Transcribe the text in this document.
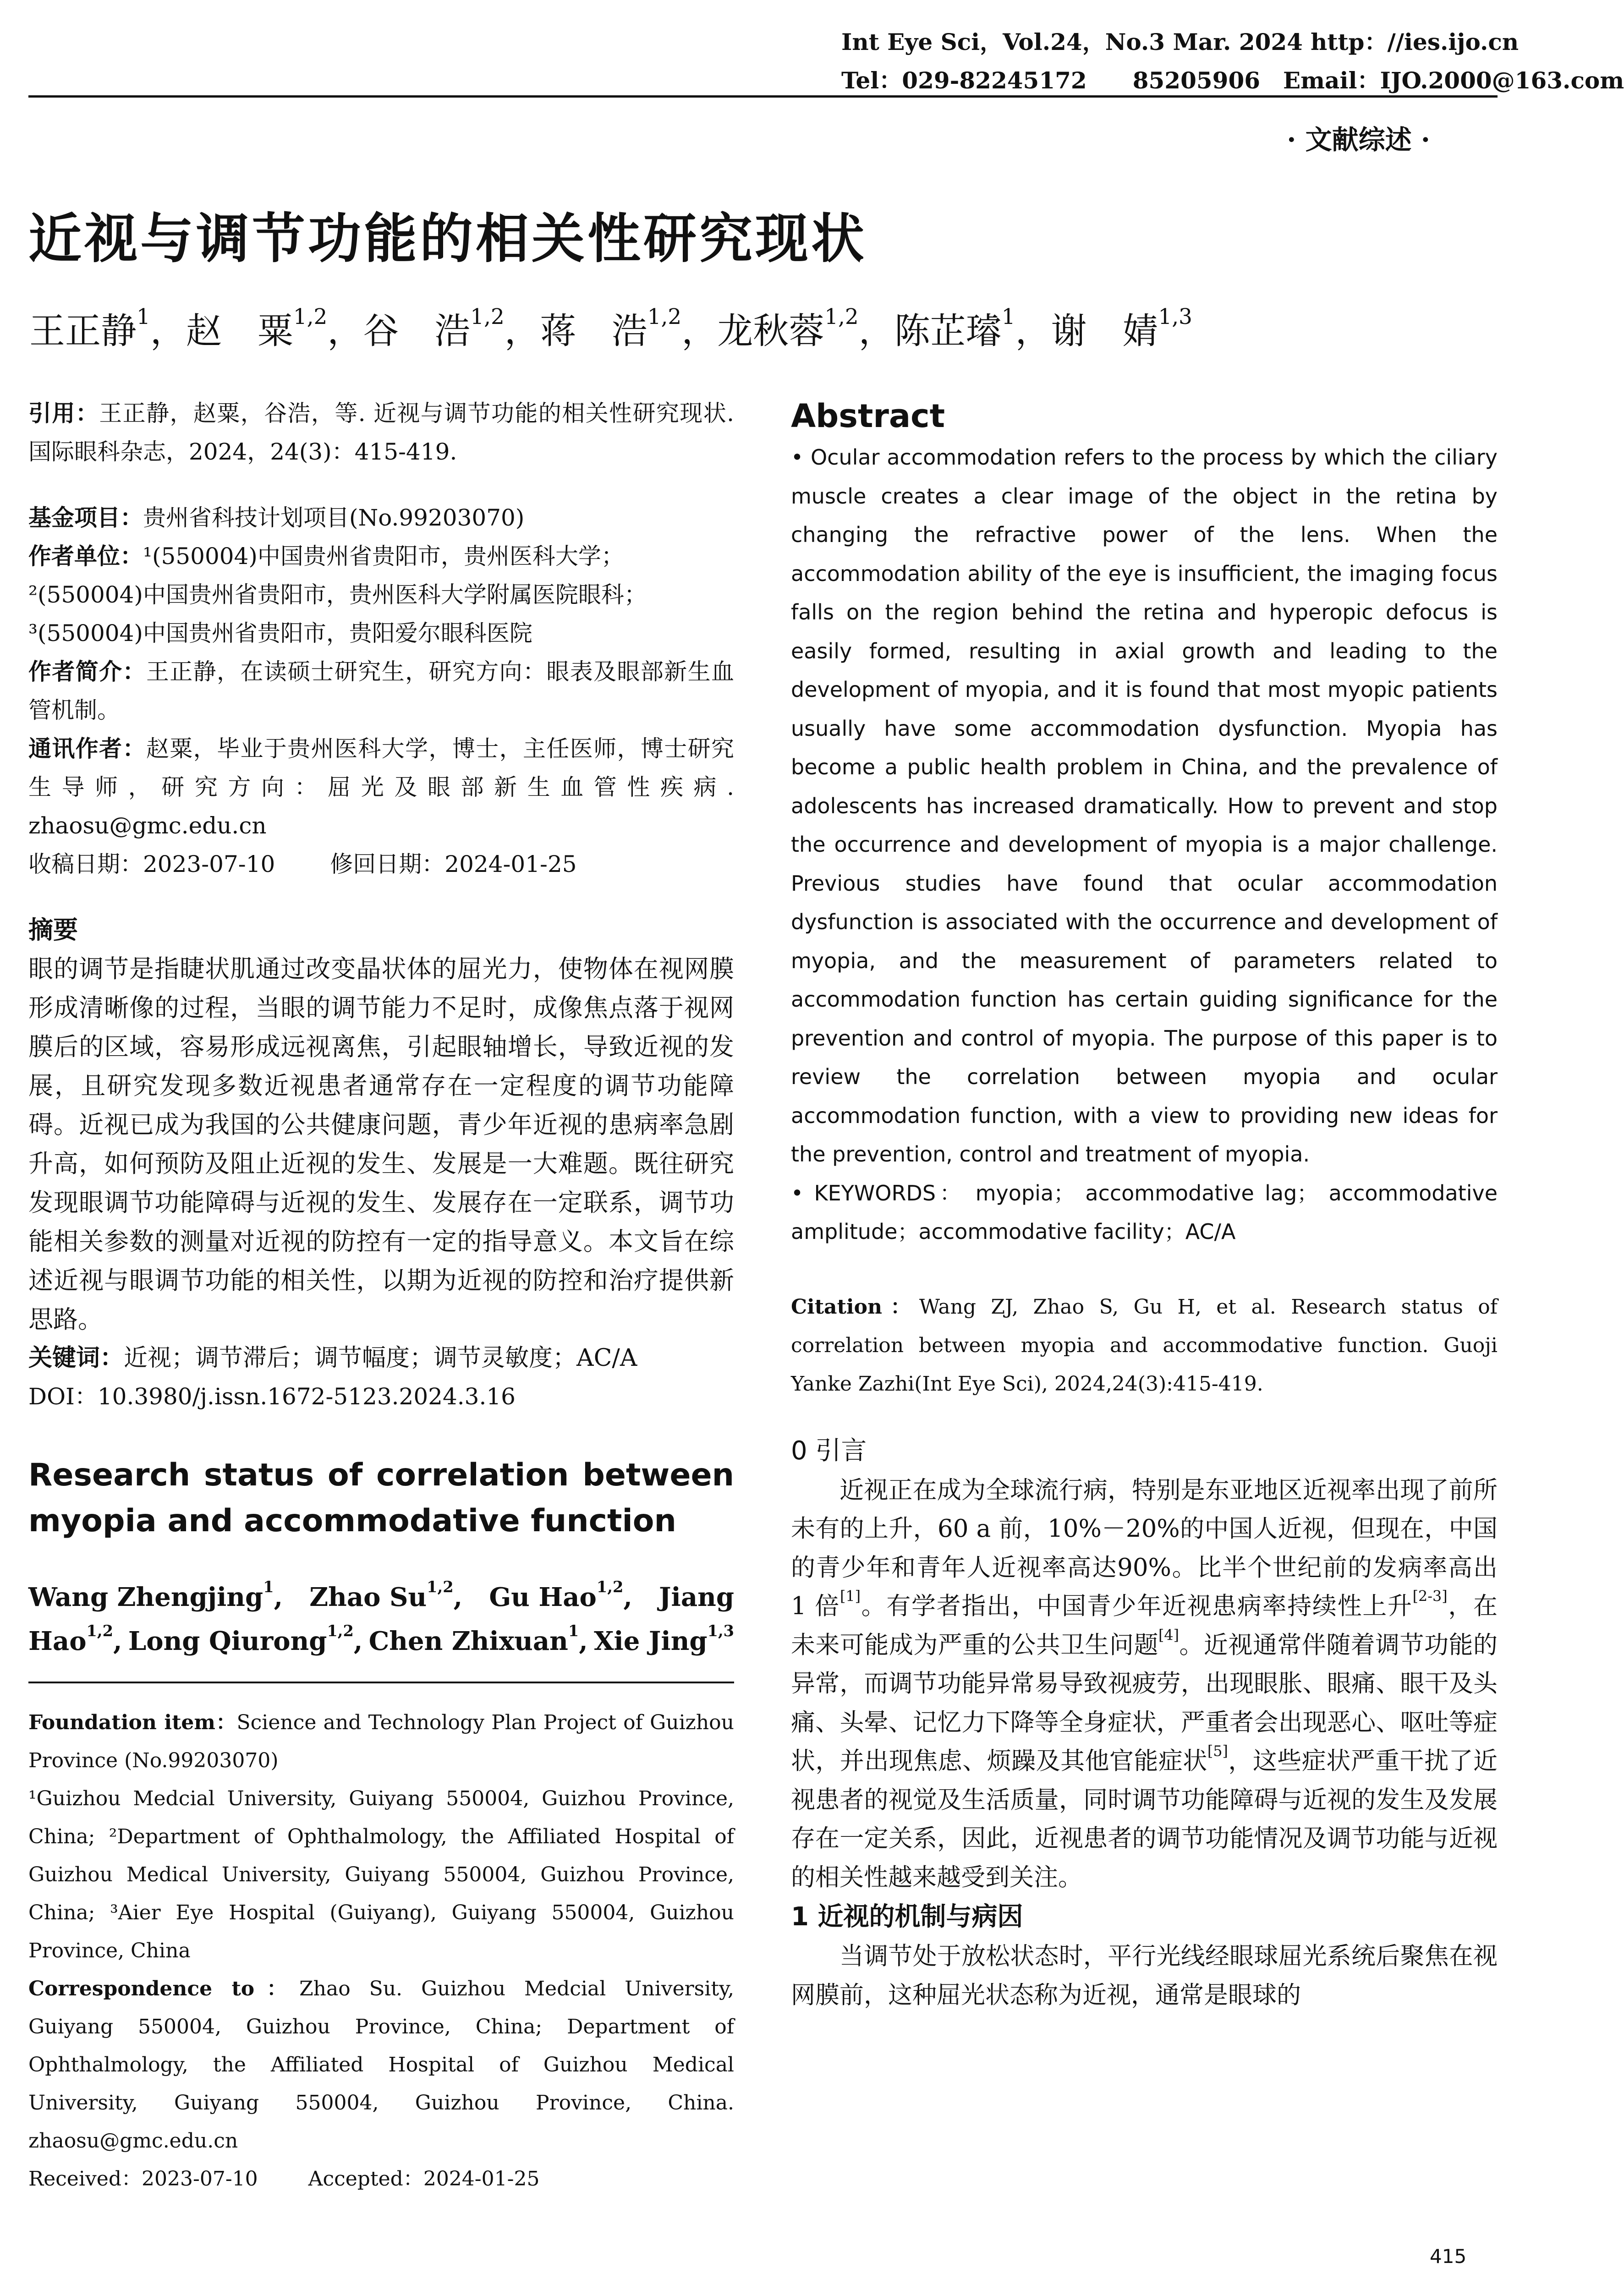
Int Eye Sci，Vol.24，No.3 Mar. 2024 http：//ies.ijo.cn
Tel：029-82245172　　85205906　Email：IJO.2000@163.com
· 文献综述 ·
近视与调节功能的相关性研究现状
王正静$^1$，赵　粟$^{1,2}$，谷　浩$^{1,2}$，蒋　浩$^{1,2}$，龙秋蓉$^{1,2}$，陈芷璿$^1$，谢　婧$^{1,3}$

引用：王正静，赵粟，谷浩，等. 近视与调节功能的相关性研究现状. 国际眼科杂志，2024，24(3)：415-419.

基金项目：贵州省科技计划项目(No.99203070)

作者单位：¹(550004)中国贵州省贵阳市，贵州医科大学；
²(550004)中国贵州省贵阳市，贵州医科大学附属医院眼科；
³(550004)中国贵州省贵阳市，贵阳爱尔眼科医院

作者简介：王正静，在读硕士研究生，研究方向：眼表及眼部新生血管机制。

通讯作者：赵粟，毕业于贵州医科大学，博士，主任医师，博士研究生导师，研究方向：屈光及眼部新生血管性疾病. zhaosu@gmc.edu.cn

收稿日期：2023-07-10 修回日期：2024-01-25

摘要

眼的调节是指睫状肌通过改变晶状体的屈光力，使物体在视网膜形成清晰像的过程，当眼的调节能力不足时，成像焦点落于视网膜后的区域，容易形成远视离焦，引起眼轴增长，导致近视的发展，且研究发现多数近视患者通常存在一定程度的调节功能障碍。近视已成为我国的公共健康问题，青少年近视的患病率急剧升高，如何预防及阻止近视的发生、发展是一大难题。既往研究发现眼调节功能障碍与近视的发生、发展存在一定联系，调节功能相关参数的测量对近视的防控有一定的指导意义。本文旨在综述近视与眼调节功能的相关性，以期为近视的防控和治疗提供新思路。

关键词：近视；调节滞后；调节幅度；调节灵敏度；AC/A

DOI：10.3980/j.issn.1672-5123.2024.3.16

Research status of correlation between
myopia and accommodative function

Wang Zhengjing$^1$, Zhao Su$^{1,2}$, Gu Hao$^{1,2}$, Jiang
Hao$^{1,2}$, Long Qiurong$^{1,2}$, Chen Zhixuan$^1$, Xie Jing$^{1,3}$

Foundation item：Science and Technology Plan Project of Guizhou Province (No.99203070)

¹Guizhou Medcial University, Guiyang 550004, Guizhou Province, China; ²Department of Ophthalmology, the Affiliated Hospital of Guizhou Medical University, Guiyang 550004, Guizhou Province, China; ³Aier Eye Hospital (Guiyang), Guiyang 550004, Guizhou Province, China

Correspondence to：Zhao Su. Guizhou Medcial University, Guiyang 550004, Guizhou Province, China; Department of Ophthalmology, the Affiliated Hospital of Guizhou Medical University, Guiyang 550004, Guizhou Province, China. zhaosu@gmc.edu.cn

Received：2023-07-10	Accepted：2024-01-25

Abstract

• Ocular accommodation refers to the process by which the ciliary muscle creates a clear image of the object in the retina by changing the refractive power of the lens. When the accommodation ability of the eye is insufficient, the imaging focus falls on the region behind the retina and hyperopic defocus is easily formed, resulting in axial growth and leading to the development of myopia, and it is found that most myopic patients usually have some accommodation dysfunction. Myopia has become a public health problem in China, and the prevalence of adolescents has increased dramatically. How to prevent and stop the occurrence and development of myopia is a major challenge. Previous studies have found that ocular accommodation dysfunction is associated with the occurrence and development of myopia, and the measurement of parameters related to accommodation function has certain guiding significance for the prevention and control of myopia. The purpose of this paper is to review the correlation between myopia and ocular accommodation function, with a view to providing new ideas for the prevention, control and treatment of myopia.

• KEYWORDS： myopia； accommodative lag； accommodative amplitude；accommodative facility；AC/A

Citation：Wang ZJ, Zhao S, Gu H, et al. Research status of correlation between myopia and accommodative function. Guoji Yanke Zazhi(Int Eye Sci), 2024,24(3):415-419.

0 引言

近视正在成为全球流行病，特别是东亚地区近视率出现了前所未有的上升，60 a 前，10%－20%的中国人近视，但现在，中国的青少年和青年人近视率高达90%。比半个世纪前的发病率高出 1 倍[1]。有学者指出，中国青少年近视患病率持续性上升[2-3]，在未来可能成为严重的公共卫生问题[4]。近视通常伴随着调节功能的异常，而调节功能异常易导致视疲劳，出现眼胀、眼痛、眼干及头痛、头晕、记忆力下降等全身症状，严重者会出现恶心、呕吐等症状，并出现焦虑、烦躁及其他官能症状[5]，这些症状严重干扰了近视患者的视觉及生活质量，同时调节功能障碍与近视的发生及发展存在一定关系，因此，近视患者的调节功能情况及调节功能与近视的相关性越来越受到关注。

1 近视的机制与病因

当调节处于放松状态时，平行光线经眼球屈光系统后聚焦在视网膜前，这种屈光状态称为近视，通常是眼球的

415
